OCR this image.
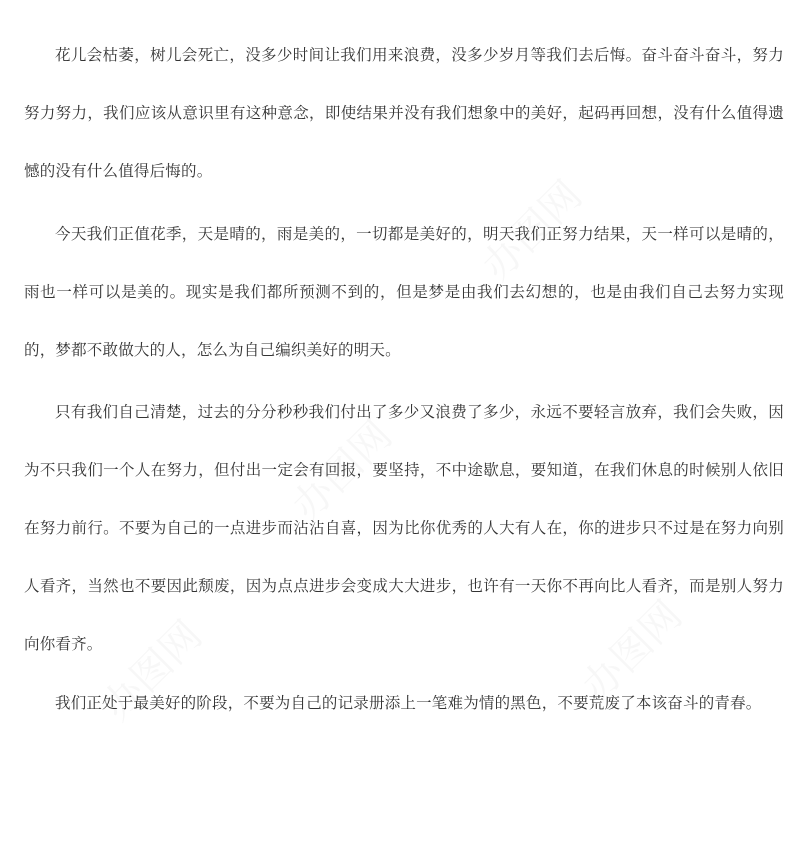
花儿会枯萎，树儿会死亡，没多少时间让我们用来浪费，没多少岁月等我们去后悔。奋斗奋斗奋斗，努力努力努力，我们应该从意识里有这种意念，即使结果并没有我们想象中的美好，起码再回想，没有什么值得遗憾的没有什么值得后悔的。

今天我们正值花季，天是晴的，雨是美的，一切都是美好的，明天我们正努力结果，天一样可以是晴的，雨也一样可以是美的。现实是我们都所预测不到的，但是梦是由我们去幻想的，也是由我们自己去努力实现的，梦都不敢做大的人，怎么为自己编织美好的明天。

只有我们自己清楚，过去的分分秒秒我们付出了多少又浪费了多少，永远不要轻言放弃，我们会失败，因为不只我们一个人在努力，但付出一定会有回报，要坚持，不中途歇息，要知道，在我们休息的时候别人依旧在努力前行。不要为自己的一点进步而沾沾自喜，因为比你优秀的人大有人在，你的进步只不过是在努力向别人看齐，当然也不要因此颓废，因为点点进步会变成大大进步，也许有一天你不再向比人看齐，而是别人努力向你看齐。

我们正处于最美好的阶段，不要为自己的记录册添上一笔难为情的黑色，不要荒废了本该奋斗的青春。

办图网
办图网
办图网
办图网
